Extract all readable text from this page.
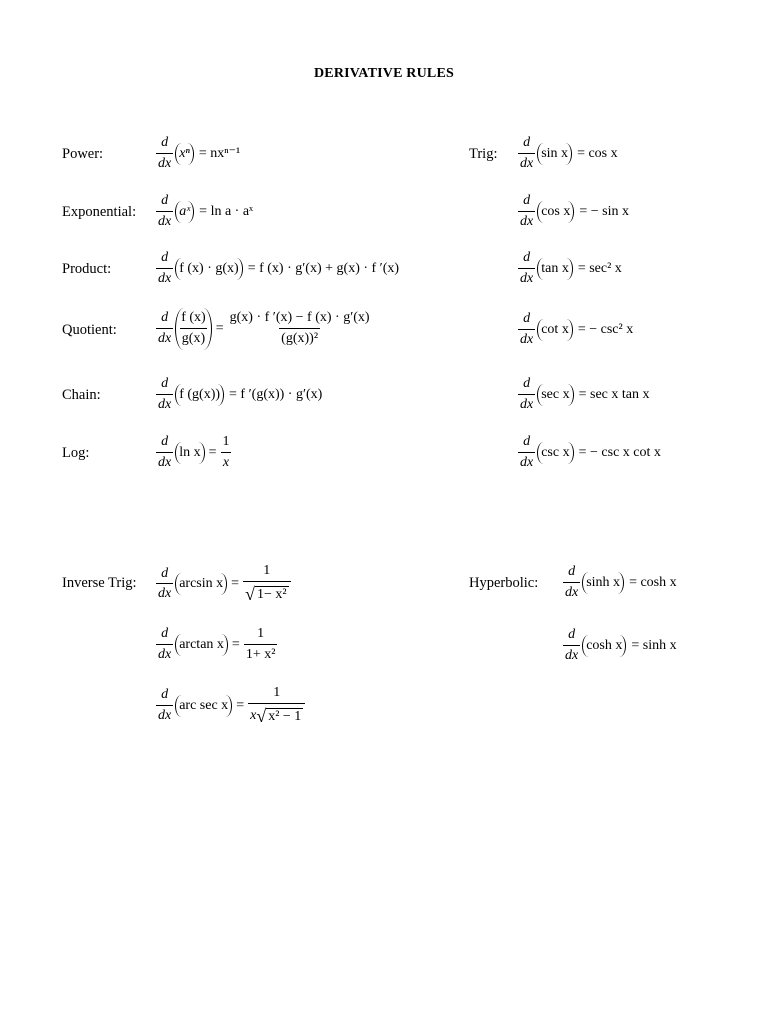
DERIVATIVE RULES
Power:
Exponential:
Product:
Quotient:
Chain:
Log:
Trig:
Inverse Trig:	Hyperbolic:
$\frac{d}{dx}$ xⁿ = nxⁿ⁻¹
$\frac{d}{dx}$ aˣ = ln a · aˣ
$\frac{d}{dx}$ f (x) · g(x) = f (x) · g′(x) + g(x) · f ′(x)
$\frac{d}{dx} \frac{f (x)}{g(x)} = \frac{g(x) \cdot f '(x) - f (x) \cdot g'(x)}{\text{(g(x))²}}$
$\frac{d}{dx}$ f (g(x)) = f ′(g(x)) · g′(x)
$\frac{d}{dx}$ $\ln x = \frac{1}{x}$
$\frac{d}{dx}$ sin x = cos x
$\frac{d}{dx}$ cos x = − sin x
$\frac{d}{dx}$ tan x = sec² x
$\frac{d}{dx}$ cot x = − csc² x
$\frac{d}{dx}$ sec x = sec x tan x
$\frac{d}{dx}$ csc x = − csc x cot x
$\frac{d}{dx}$ $\arcsin x = \frac{1}{\text{√ 1− x²}}$
$\frac{d}{dx}$ $\arctan x = \frac{1}{\text{1+ x²}}$
$\frac{d}{dx}$ arc $\sec x = \frac{1}{\text{x √ x² − 1}}$
$\frac{d}{dx}$ sinh x = cosh x
$\frac{d}{dx}$ cosh x = sinh x
